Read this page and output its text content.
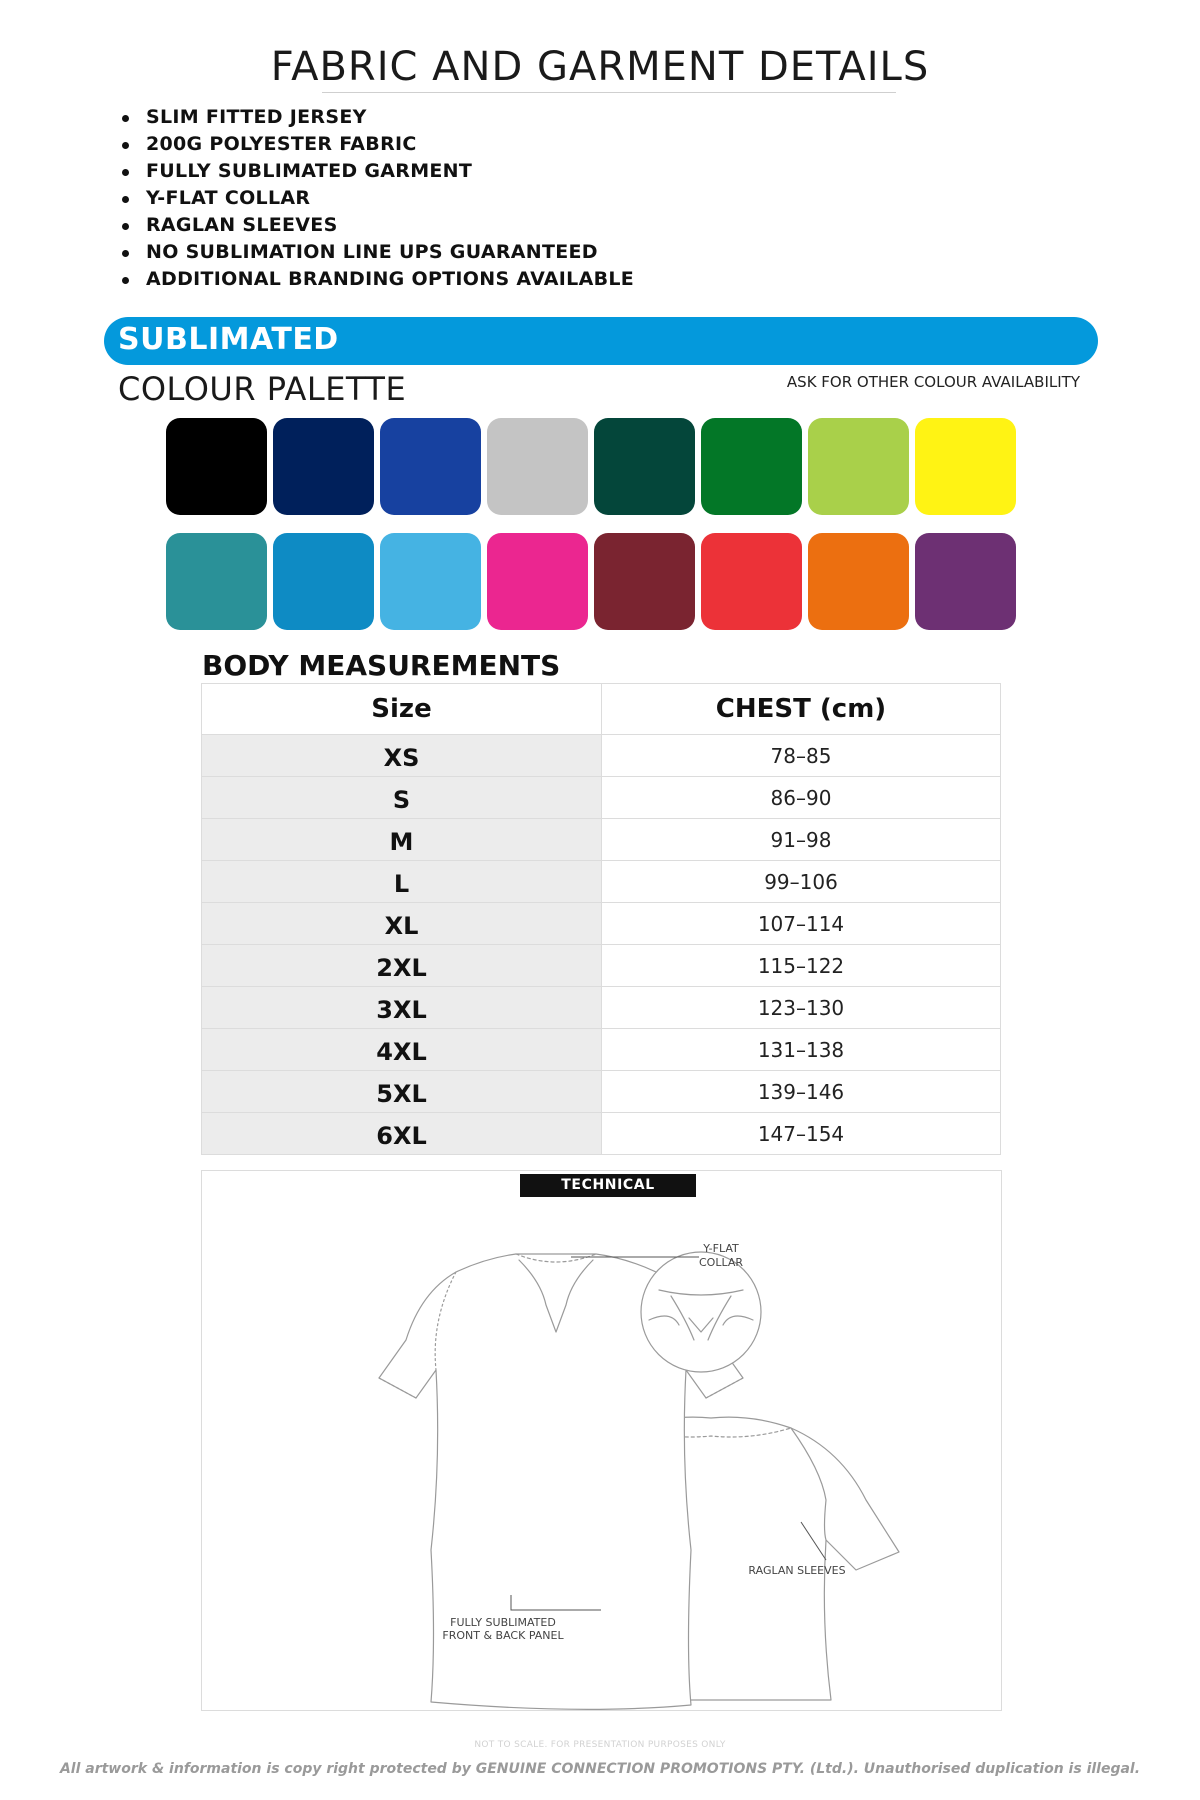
FABRIC AND GARMENT DETAILS
SLIM FITTED JERSEY
200G POLYESTER FABRIC
FULLY SUBLIMATED GARMENT
Y-FLAT COLLAR
RAGLAN SLEEVES
NO SUBLIMATION LINE UPS GUARANTEED
ADDITIONAL BRANDING OPTIONS AVAILABLE
SUBLIMATED
COLOUR PALETTE	ASK FOR OTHER COLOUR AVAILABILITY
BODY MEASUREMENTS
Size	CHEST (cm)
XS	78–85
S	86–90
M	91–98
L	99–106
XL	107–114
2XL	115–122
3XL	123–130
4XL	131–138
5XL	139–146
6XL	147–154
Y-FLAT
COLLAR
FULLY SUBLIMATED
FRONT & BACK PANEL
RAGLAN SLEEVES
TECHNICAL DRAWING
NOT TO SCALE. FOR PRESENTATION PURPOSES ONLY
All artwork & information is copy right protected by GENUINE CONNECTION PROMOTIONS PTY. (Ltd.). Unauthorised duplication is illegal.
